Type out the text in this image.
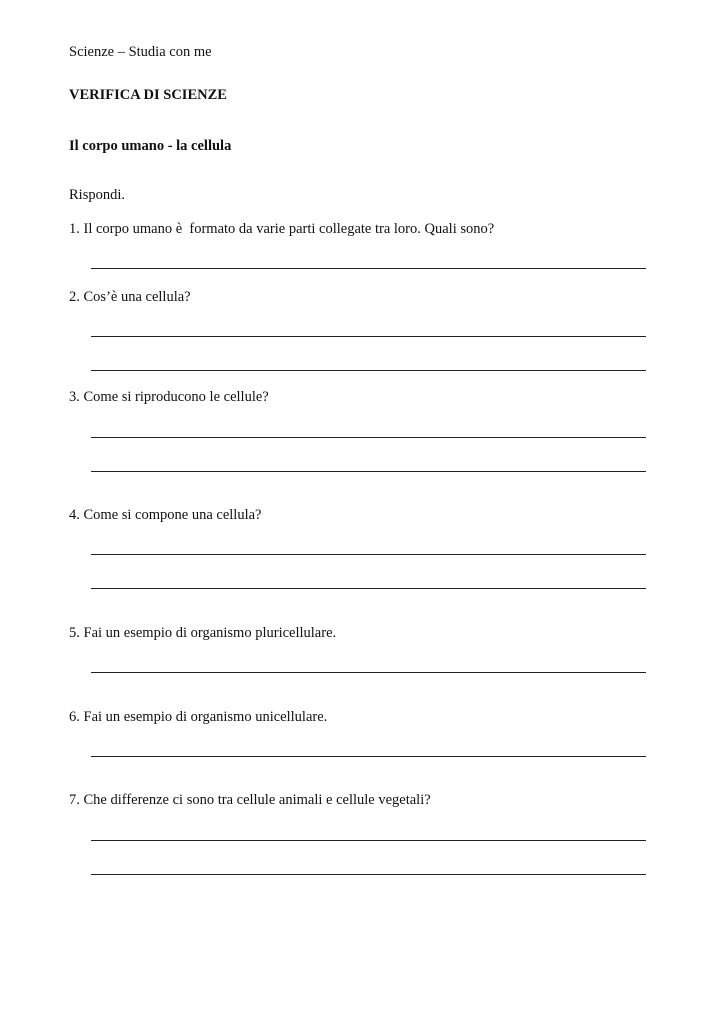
Scienze – Studia con me
VERIFICA DI SCIENZE
Il corpo umano - la cellula
Rispondi.
1. Il corpo umano è  formato da varie parti collegate tra loro. Quali sono?
2. Cos’è una cellula?
3. Come si riproducono le cellule?
4. Come si compone una cellula?
5. Fai un esempio di organismo pluricellulare.
6. Fai un esempio di organismo unicellulare.
7. Che differenze ci sono tra cellule animali e cellule vegetali?
